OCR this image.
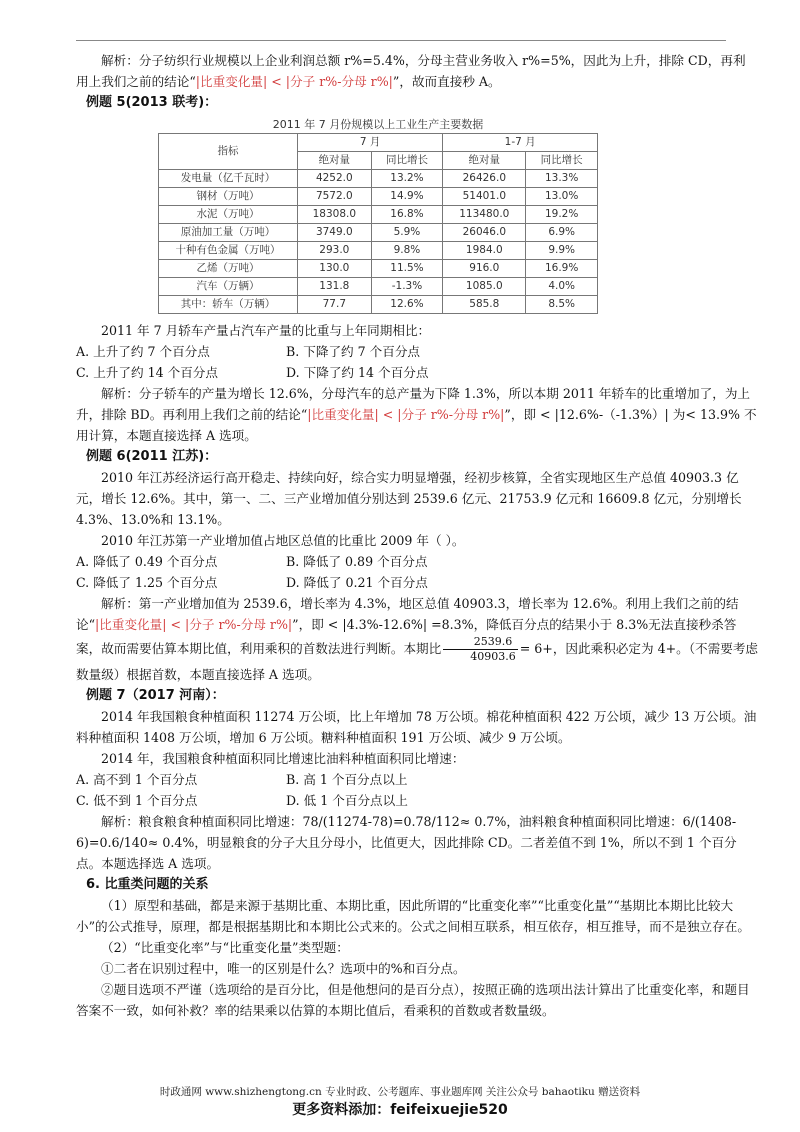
解析：分子纺织行业规模以上企业利润总额 r%=5.4%，分母主营业务收入 r%=5%，因此为上升，排除 CD，再利用上我们之前的结论“|比重变化量| < |分子 r%-分母 r%|”，故而直接秒 A。

例题 5(2013 联考)：

2011 年 7 月份规模以上工业生产主要数据
指标	7 月		1-7 月	
	绝对量	同比增长	绝对量	同比增长
发电量（亿千瓦时）	4252.0	13.2%	26426.0	13.3%
钢材（万吨）	7572.0	14.9%	51401.0	13.0%
水泥（万吨）	18308.0	16.8%	113480.0	19.2%
原油加工量（万吨）	3749.0	5.9%	26046.0	6.9%
十种有色金属（万吨）	293.0	9.8%	1984.0	9.9%
乙烯（万吨）	130.0	11.5%	916.0	16.9%
汽车（万辆）	131.8	-1.3%	1085.0	4.0%
其中：轿车（万辆）	77.7	12.6%	585.8	8.5%

2011 年 7 月轿车产量占汽车产量的比重与上年同期相比：

A. 上升了约 7 个百分点	B. 下降了约 7 个百分点
C. 上升了约 14 个百分点	D. 下降了约 14 个百分点

解析：分子轿车的产量为增长 12.6%，分母汽车的总产量为下降 1.3%，所以本期 2011 年轿车的比重增加了，为上升，排除 BD。再利用上我们之前的结论“|比重变化量| < |分子 r%-分母 r%|”，即 < |12.6%-（-1.3%）| 为< 13.9% 不用计算，本题直接选择 A 选项。

例题 6(2011 江苏)：

2010 年江苏经济运行高开稳走、持续向好，综合实力明显增强，经初步核算，全省实现地区生产总值 40903.3 亿元，增长 12.6%。其中，第一、二、三产业增加值分别达到 2539.6 亿元、21753.9 亿元和 16609.8 亿元，分别增长 4.3%、13.0%和 13.1%。

2010 年江苏第一产业增加值占地区总值的比重比 2009 年（ ）。

A. 降低了 0.49 个百分点	B. 降低了 0.89 个百分点
C. 降低了 1.25 个百分点	D. 降低了 0.21 个百分点

解析：第一产业增加值为 2539.6，增长率为 4.3%，地区总值 40903.3，增长率为 12.6%。利用上我们之前的结论“|比重变化量| < |分子 r%-分母 r%|”，即 < |4.3%-12.6%| =8.3%，降低百分点的结果小于 8.3%无法直接秒杀答案，故而需要估算本期比值，利用乘积的首数法进行判断。本期比 $\frac{2539.6}{40903.6} = 6+$，因此乘积必定为 4+。（不需要考虑数量级）根据首数，本题直接选择 A 选项。

例题 7（2017 河南）：

2014 年我国粮食种植面积 11274 万公顷，比上年增加 78 万公顷。棉花种植面积 422 万公顷，减少 13 万公顷。油料种植面积 1408 万公顷，增加 6 万公顷。糖料种植面积 191 万公顷、减少 9 万公顷。

2014 年，我国粮食种植面积同比增速比油料种植面积同比增速：

A. 高不到 1 个百分点	B. 高 1 个百分点以上
C. 低不到 1 个百分点	D. 低 1 个百分点以上

解析：粮食粮食种植面积同比增速：78/(11274-78)=0.78/112≈ 0.7%，油料粮食种植面积同比增速：6/(1408-6)=0.6/140≈ 0.4%，明显粮食的分子大且分母小，比值更大，因此排除 CD。二者差值不到 1%，所以不到 1 个百分点。本题选择选 A 选项。

6. 比重类问题的关系

（1）原型和基础，都是来源于基期比重、本期比重，因此所谓的“比重变化率”“比重变化量”“基期比本期比比较大小”的公式推导，原理，都是根据基期比和本期比公式来的。公式之间相互联系，相互依存，相互推导，而不是独立存在。

（2）“比重变化率”与“比重变化量”类型题：

①二者在识别过程中，唯一的区别是什么？选项中的%和百分点。

②题目选项不严谨（选项给的是百分比，但是他想问的是百分点），按照正确的选项出法计算出了比重变化率，和题目答案不一致，如何补救？率的结果乘以估算的本期比值后，看乘积的首数或者数量级。

时政通网 www.shizhengtong.cn 专业时政、公考题库、事业题库网 关注公众号 bahaotiku 赠送资料
更多资料添加：feifeixuejie520
